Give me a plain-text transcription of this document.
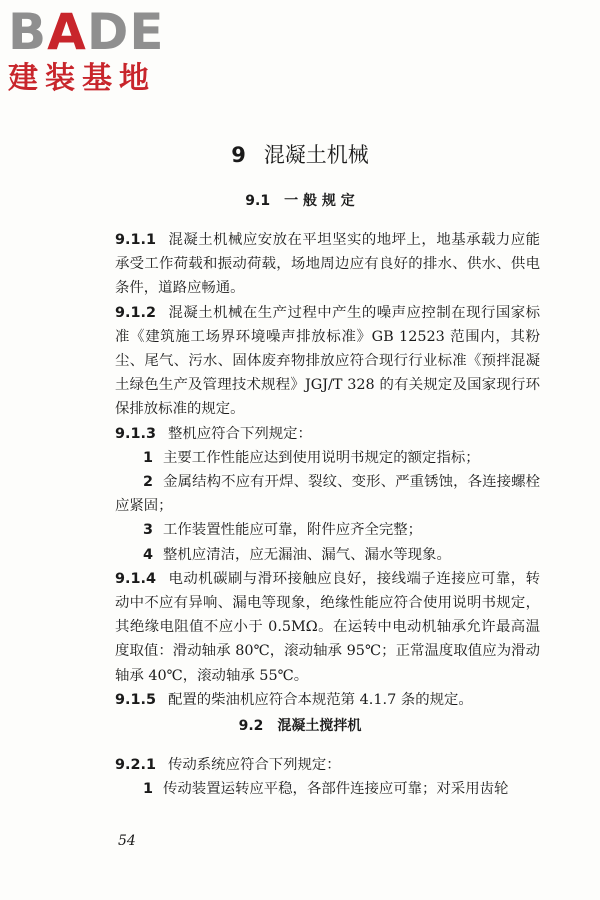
BADE
建装基地
9 混凝土机械
9.1 一 般 规 定

9.1.1 混凝土机械应安放在平坦坚实的地坪上，地基承载力应能承受工作荷载和振动荷载，场地周边应有良好的排水、供水、供电条件，道路应畅通。

9.1.2 混凝土机械在生产过程中产生的噪声应控制在现行国家标准《建筑施工场界环境噪声排放标准》GB 12523 范围内，其粉尘、尾气、污水、固体废弃物排放应符合现行行业标准《预拌混凝土绿色生产及管理技术规程》JGJ/T 328 的有关规定及国家现行环保排放标准的规定。

9.1.3 整机应符合下列规定：

1 主要工作性能应达到使用说明书规定的额定指标；

2 金属结构不应有开焊、裂纹、变形、严重锈蚀，各连接螺栓应紧固；

3 工作装置性能应可靠，附件应齐全完整；

4 整机应清洁，应无漏油、漏气、漏水等现象。

9.1.4 电动机碳刷与滑环接触应良好，接线端子连接应可靠，转动中不应有异响、漏电等现象，绝缘性能应符合使用说明书规定，其绝缘电阻值不应小于 0.5MΩ。在运转中电动机轴承允许最高温度取值：滑动轴承 80℃，滚动轴承 95℃；正常温度取值应为滑动轴承 40℃，滚动轴承 55℃。

9.1.5 配置的柴油机应符合本规范第 4.1.7 条的规定。

9.2 混凝土搅拌机

9.2.1 传动系统应符合下列规定：

1 传动装置运转应平稳，各部件连接应可靠；对采用齿轮

54
